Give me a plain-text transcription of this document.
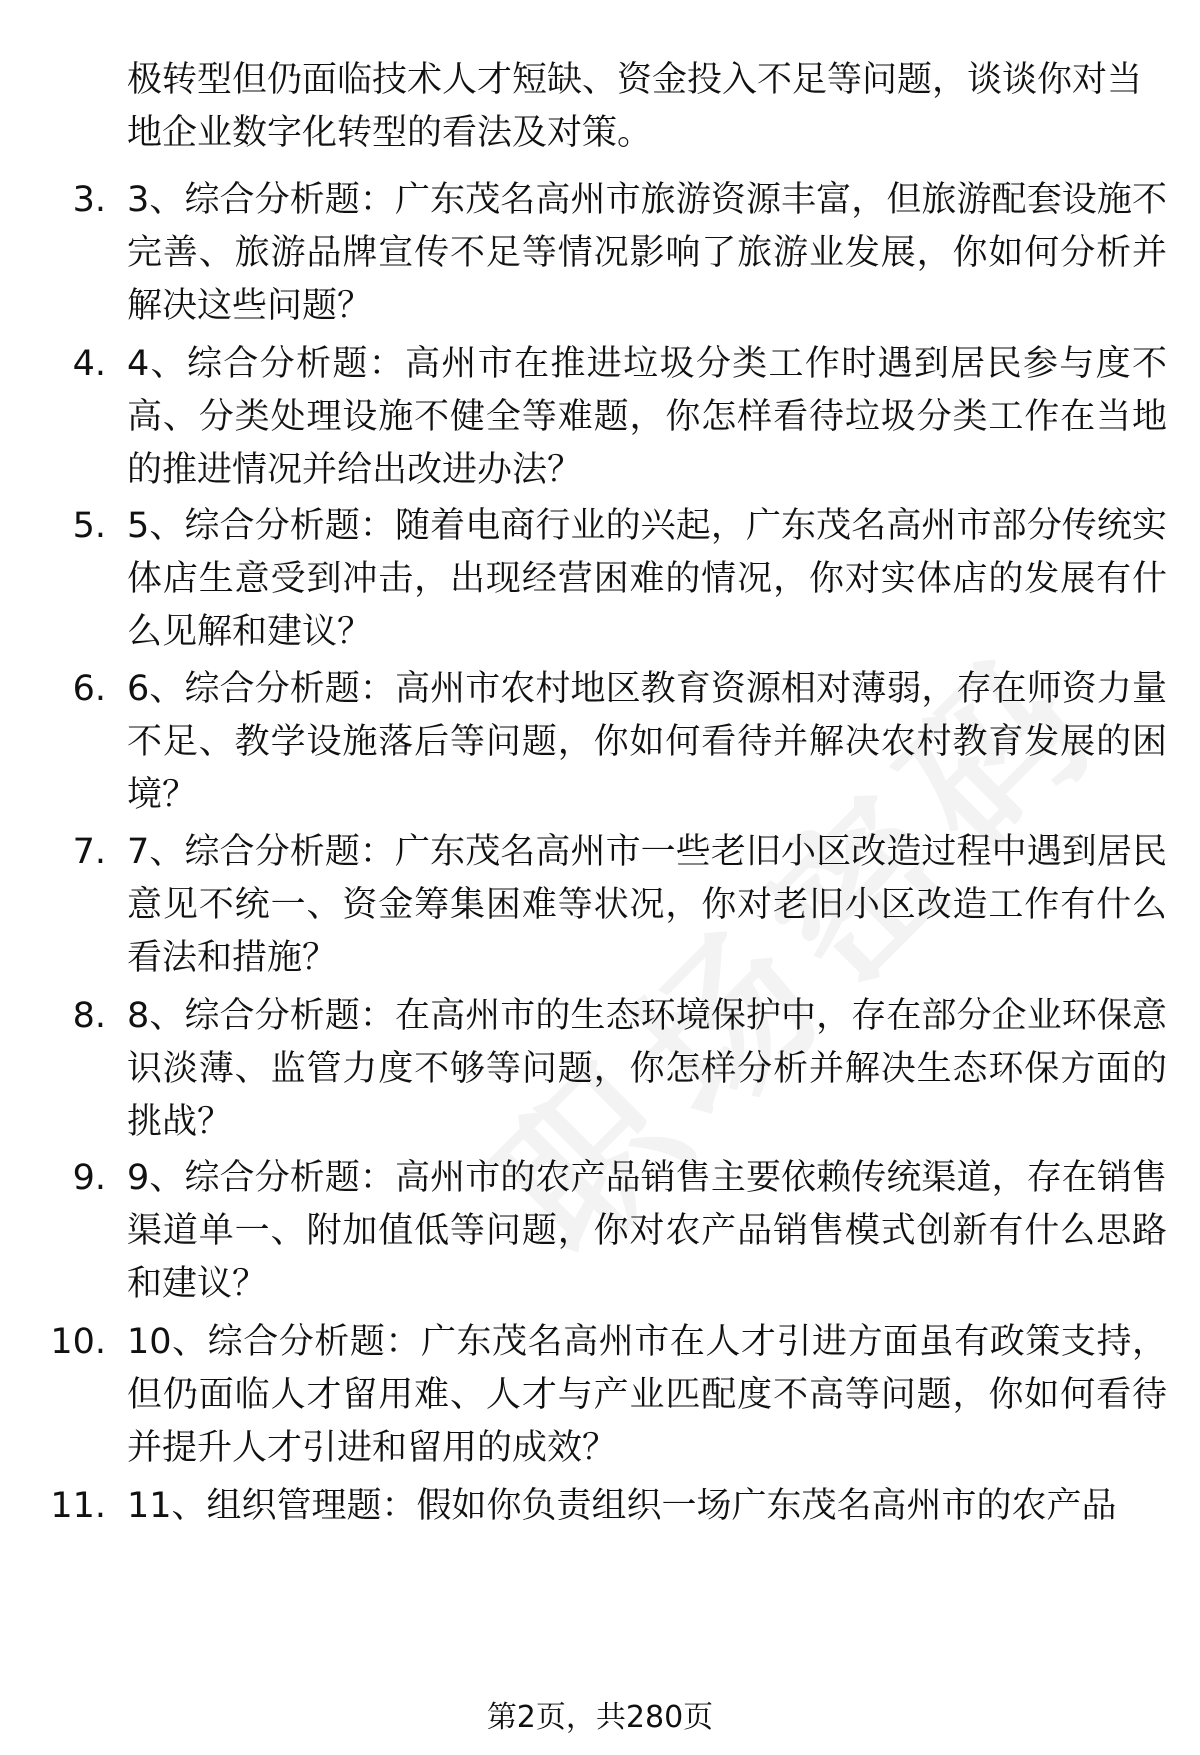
极转型但仍面临技术人才短缺、资金投入不足等问题，谈谈你对当地企业数字化转型的看法及对策。
3. 3、综合分析题：广东茂名高州市旅游资源丰富，但旅游配套设施不完善、旅游品牌宣传不足等情况影响了旅游业发展，你如何分析并解决这些问题？
4. 4、综合分析题：高州市在推进垃圾分类工作时遇到居民参与度不高、分类处理设施不健全等难题，你怎样看待垃圾分类工作在当地的推进情况并给出改进办法？
5. 5、综合分析题：随着电商行业的兴起，广东茂名高州市部分传统实体店生意受到冲击，出现经营困难的情况，你对实体店的发展有什么见解和建议？
6. 6、综合分析题：高州市农村地区教育资源相对薄弱，存在师资力量不足、教学设施落后等问题，你如何看待并解决农村教育发展的困境？
7. 7、综合分析题：广东茂名高州市一些老旧小区改造过程中遇到居民意见不统一、资金筹集困难等状况，你对老旧小区改造工作有什么看法和措施？
8. 8、综合分析题：在高州市的生态环境保护中，存在部分企业环保意识淡薄、监管力度不够等问题，你怎样分析并解决生态环保方面的挑战？
9. 9、综合分析题：高州市的农产品销售主要依赖传统渠道，存在销售渠道单一、附加值低等问题，你对农产品销售模式创新有什么思路和建议？
10. 10、综合分析题：广东茂名高州市在人才引进方面虽有政策支持，但仍面临人才留用难、人才与产业匹配度不高等问题，你如何看待并提升人才引进和留用的成效？
11. 11、组织管理题：假如你负责组织一场广东茂名高州市的农产品
第2页，共280页
